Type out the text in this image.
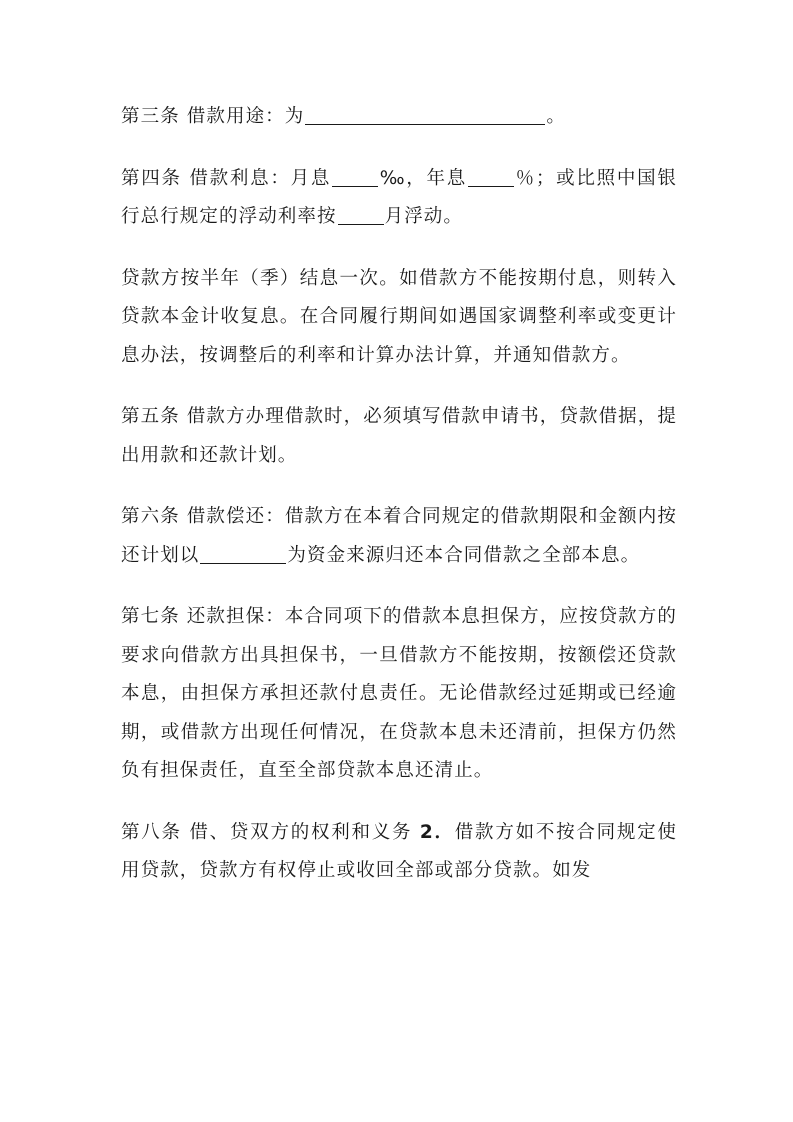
第三条 借款用途：为	。

第四条 借款利息：月息	‰，年息	％；或比照中国银行总行规定的浮动利率按	月浮动。

贷款方按半年（季）结息一次。如借款方不能按期付息，则转入贷款本金计收复息。在合同履行期间如遇国家调整利率或变更计息办法，按调整后的利率和计算办法计算，并通知借款方。

第五条 借款方办理借款时，必须填写借款申请书，贷款借据，提出用款和还款计划。

第六条 借款偿还：借款方在本着合同规定的借款期限和金额内按还计划以	为资金来源归还本合同借款之全部本息。

第七条 还款担保：本合同项下的借款本息担保方，应按贷款方的要求向借款方出具担保书，一旦借款方不能按期，按额偿还贷款本息，由担保方承担还款付息责任。无论借款经过延期或已经逾期，或借款方出现任何情况，在贷款本息未还清前，担保方仍然负有担保责任，直至全部贷款本息还清止。

第八条 借、贷双方的权利和义务 2．借款方如不按合同规定使用贷款，贷款方有权停止或收回全部或部分贷款。如发
